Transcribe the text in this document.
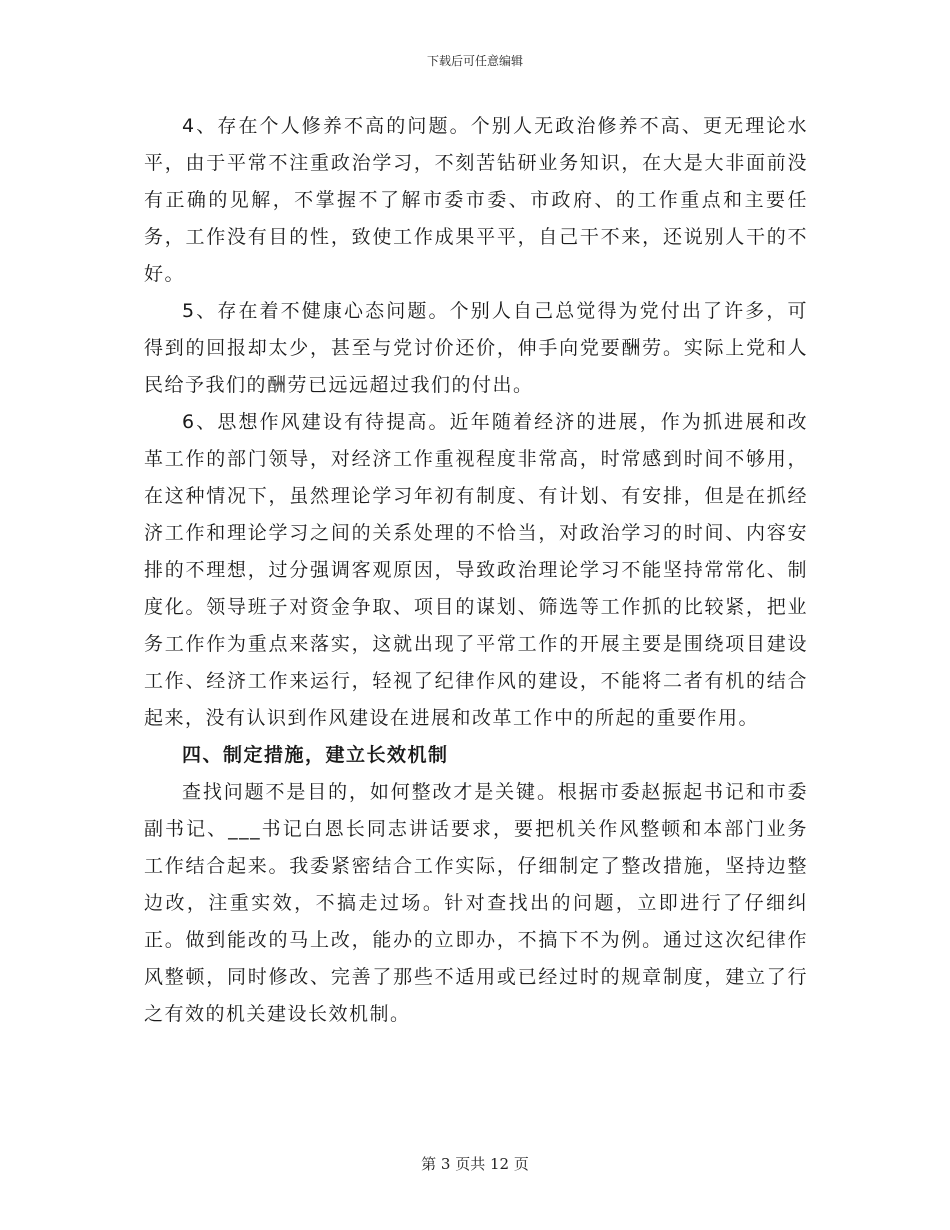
下载后可任意编辑

4、存在个人修养不高的问题。个别人无政治修养不高、更无理论水平，由于平常不注重政治学习，不刻苦钻研业务知识，在大是大非面前没有正确的见解，不掌握不了解市委市委、市政府、的工作重点和主要任务，工作没有目的性，致使工作成果平平，自己干不来，还说别人干的不好。

5、存在着不健康心态问题。个别人自己总觉得为党付出了许多，可得到的回报却太少，甚至与党讨价还价，伸手向党要酬劳。实际上党和人民给予我们的酬劳已远远超过我们的付出。

6、思想作风建设有待提高。近年随着经济的进展，作为抓进展和改革工作的部门领导，对经济工作重视程度非常高，时常感到时间不够用，在这种情况下，虽然理论学习年初有制度、有计划、有安排，但是在抓经济工作和理论学习之间的关系处理的不恰当，对政治学习的时间、内容安排的不理想，过分强调客观原因，导致政治理论学习不能坚持常常化、制度化。领导班子对资金争取、项目的谋划、筛选等工作抓的比较紧，把业务工作作为重点来落实，这就出现了平常工作的开展主要是围绕项目建设工作、经济工作来运行，轻视了纪律作风的建设，不能将二者有机的结合起来，没有认识到作风建设在进展和改革工作中的所起的重要作用。

四、制定措施，建立长效机制

查找问题不是目的，如何整改才是关键。根据市委赵振起书记和市委副书记、___书记白恩长同志讲话要求，要把机关作风整顿和本部门业务工作结合起来。我委紧密结合工作实际，仔细制定了整改措施，坚持边整边改，注重实效，不搞走过场。针对查找出的问题，立即进行了仔细纠正。做到能改的马上改，能办的立即办，不搞下不为例。通过这次纪律作风整顿，同时修改、完善了那些不适用或已经过时的规章制度，建立了行之有效的机关建设长效机制。

第 3 页共 12 页
